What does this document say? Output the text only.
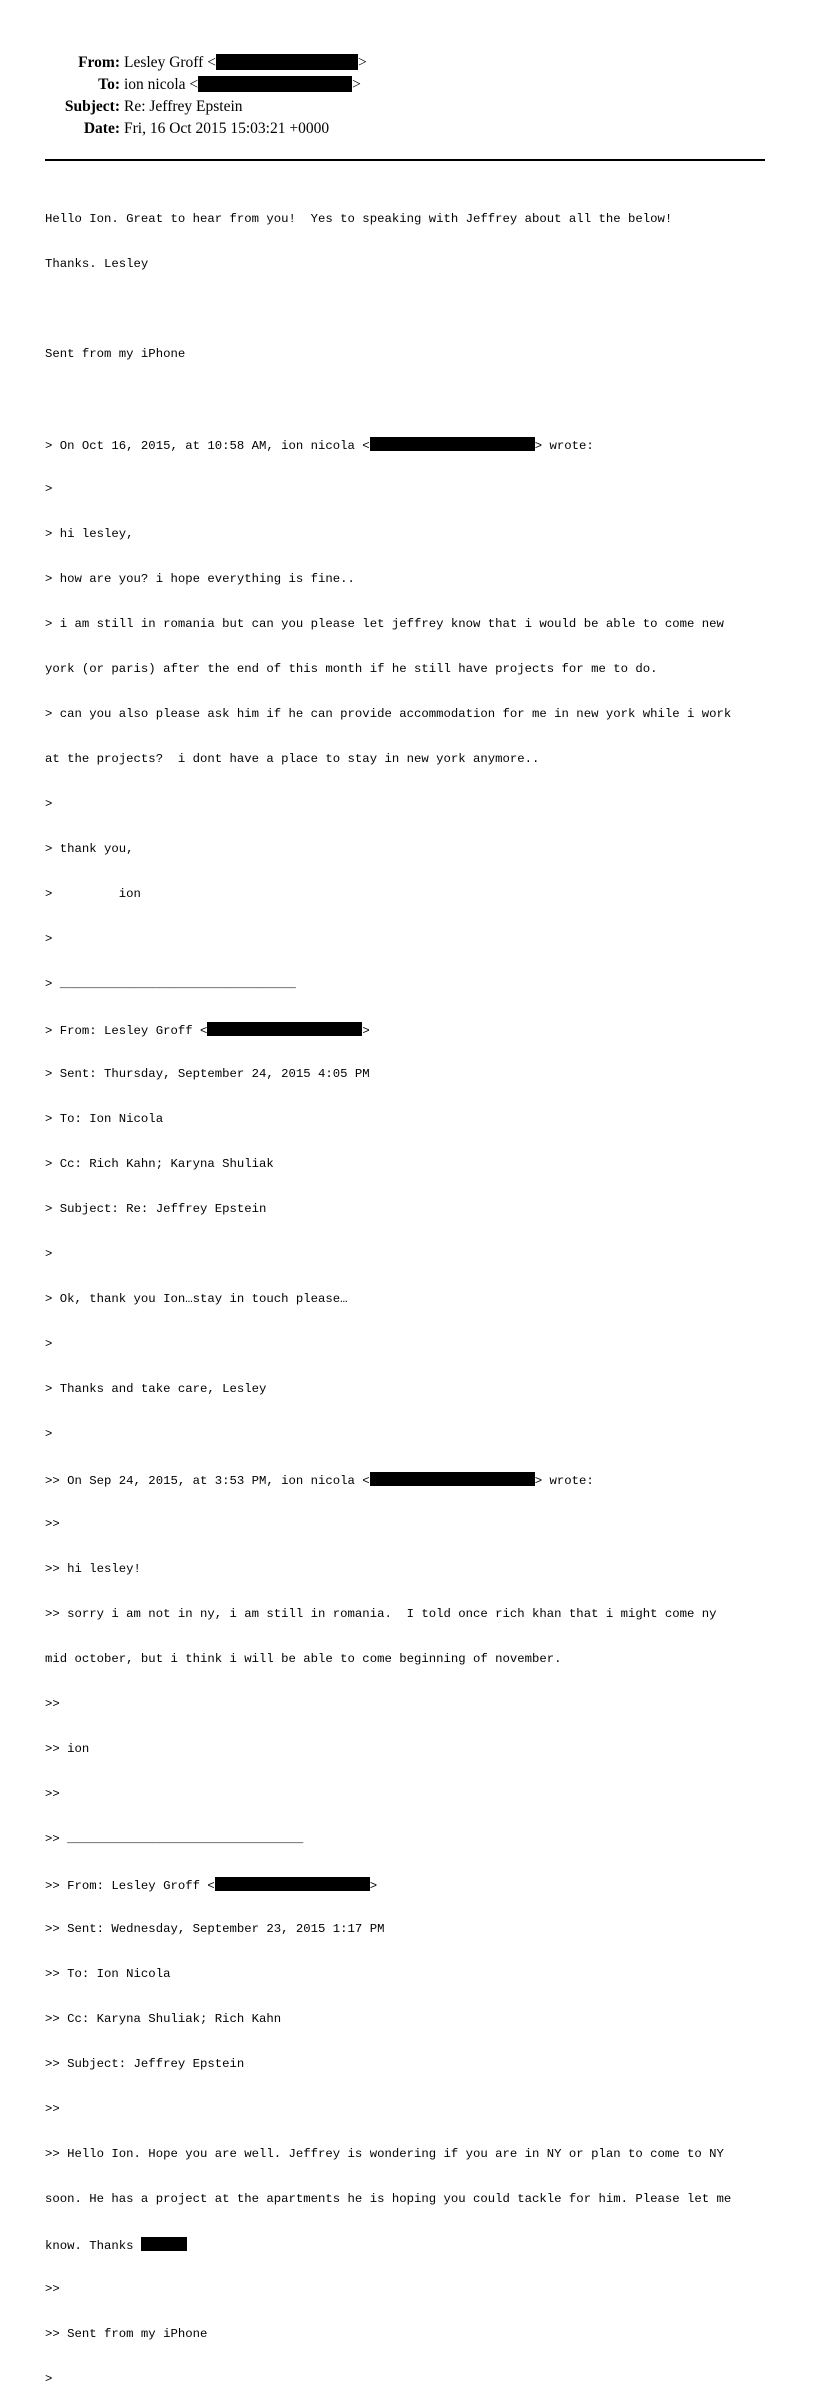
From: Lesley Groff <	>
To: ion nicola <	>
Subject: Re: Jeffrey Epstein
Date: Fri, 16 Oct 2015 15:03:21 +0000

Hello Ion. Great to hear from you!  Yes to speaking with Jeffrey about all the below!

Thanks. Lesley

Sent from my iPhone

> On Oct 16, 2015, at 10:58 AM, ion nicola <	> wrote:

>

> hi lesley,

> how are you? i hope everything is fine..

> i am still in romania but can you please let jeffrey know that i would be able to come new

york (or paris) after the end of this month if he still have projects for me to do.

> can you also please ask him if he can provide accommodation for me in new york while i work

at the projects?  i dont have a place to stay in new york anymore..

>

> thank you,

>         ion

>

> ________________________________

> From: Lesley Groff <	>

> Sent: Thursday, September 24, 2015 4:05 PM

> To: Ion Nicola

> Cc: Rich Kahn; Karyna Shuliak

> Subject: Re: Jeffrey Epstein

>

> Ok, thank you Ion…stay in touch please…

>

> Thanks and take care, Lesley

>

>> On Sep 24, 2015, at 3:53 PM, ion nicola <	> wrote:

>>

>> hi lesley!

>> sorry i am not in ny, i am still in romania.  I told once rich khan that i might come ny

mid october, but i think i will be able to come beginning of november.

>>

>> ion

>>

>> ________________________________

>> From: Lesley Groff <	>

>> Sent: Wednesday, September 23, 2015 1:17 PM

>> To: Ion Nicola

>> Cc: Karyna Shuliak; Rich Kahn

>> Subject: Jeffrey Epstein

>>

>> Hello Ion. Hope you are well. Jeffrey is wondering if you are in NY or plan to come to NY

soon. He has a project at the apartments he is hoping you could tackle for him. Please let me

know. Thanks

>>

>> Sent from my iPhone

>
